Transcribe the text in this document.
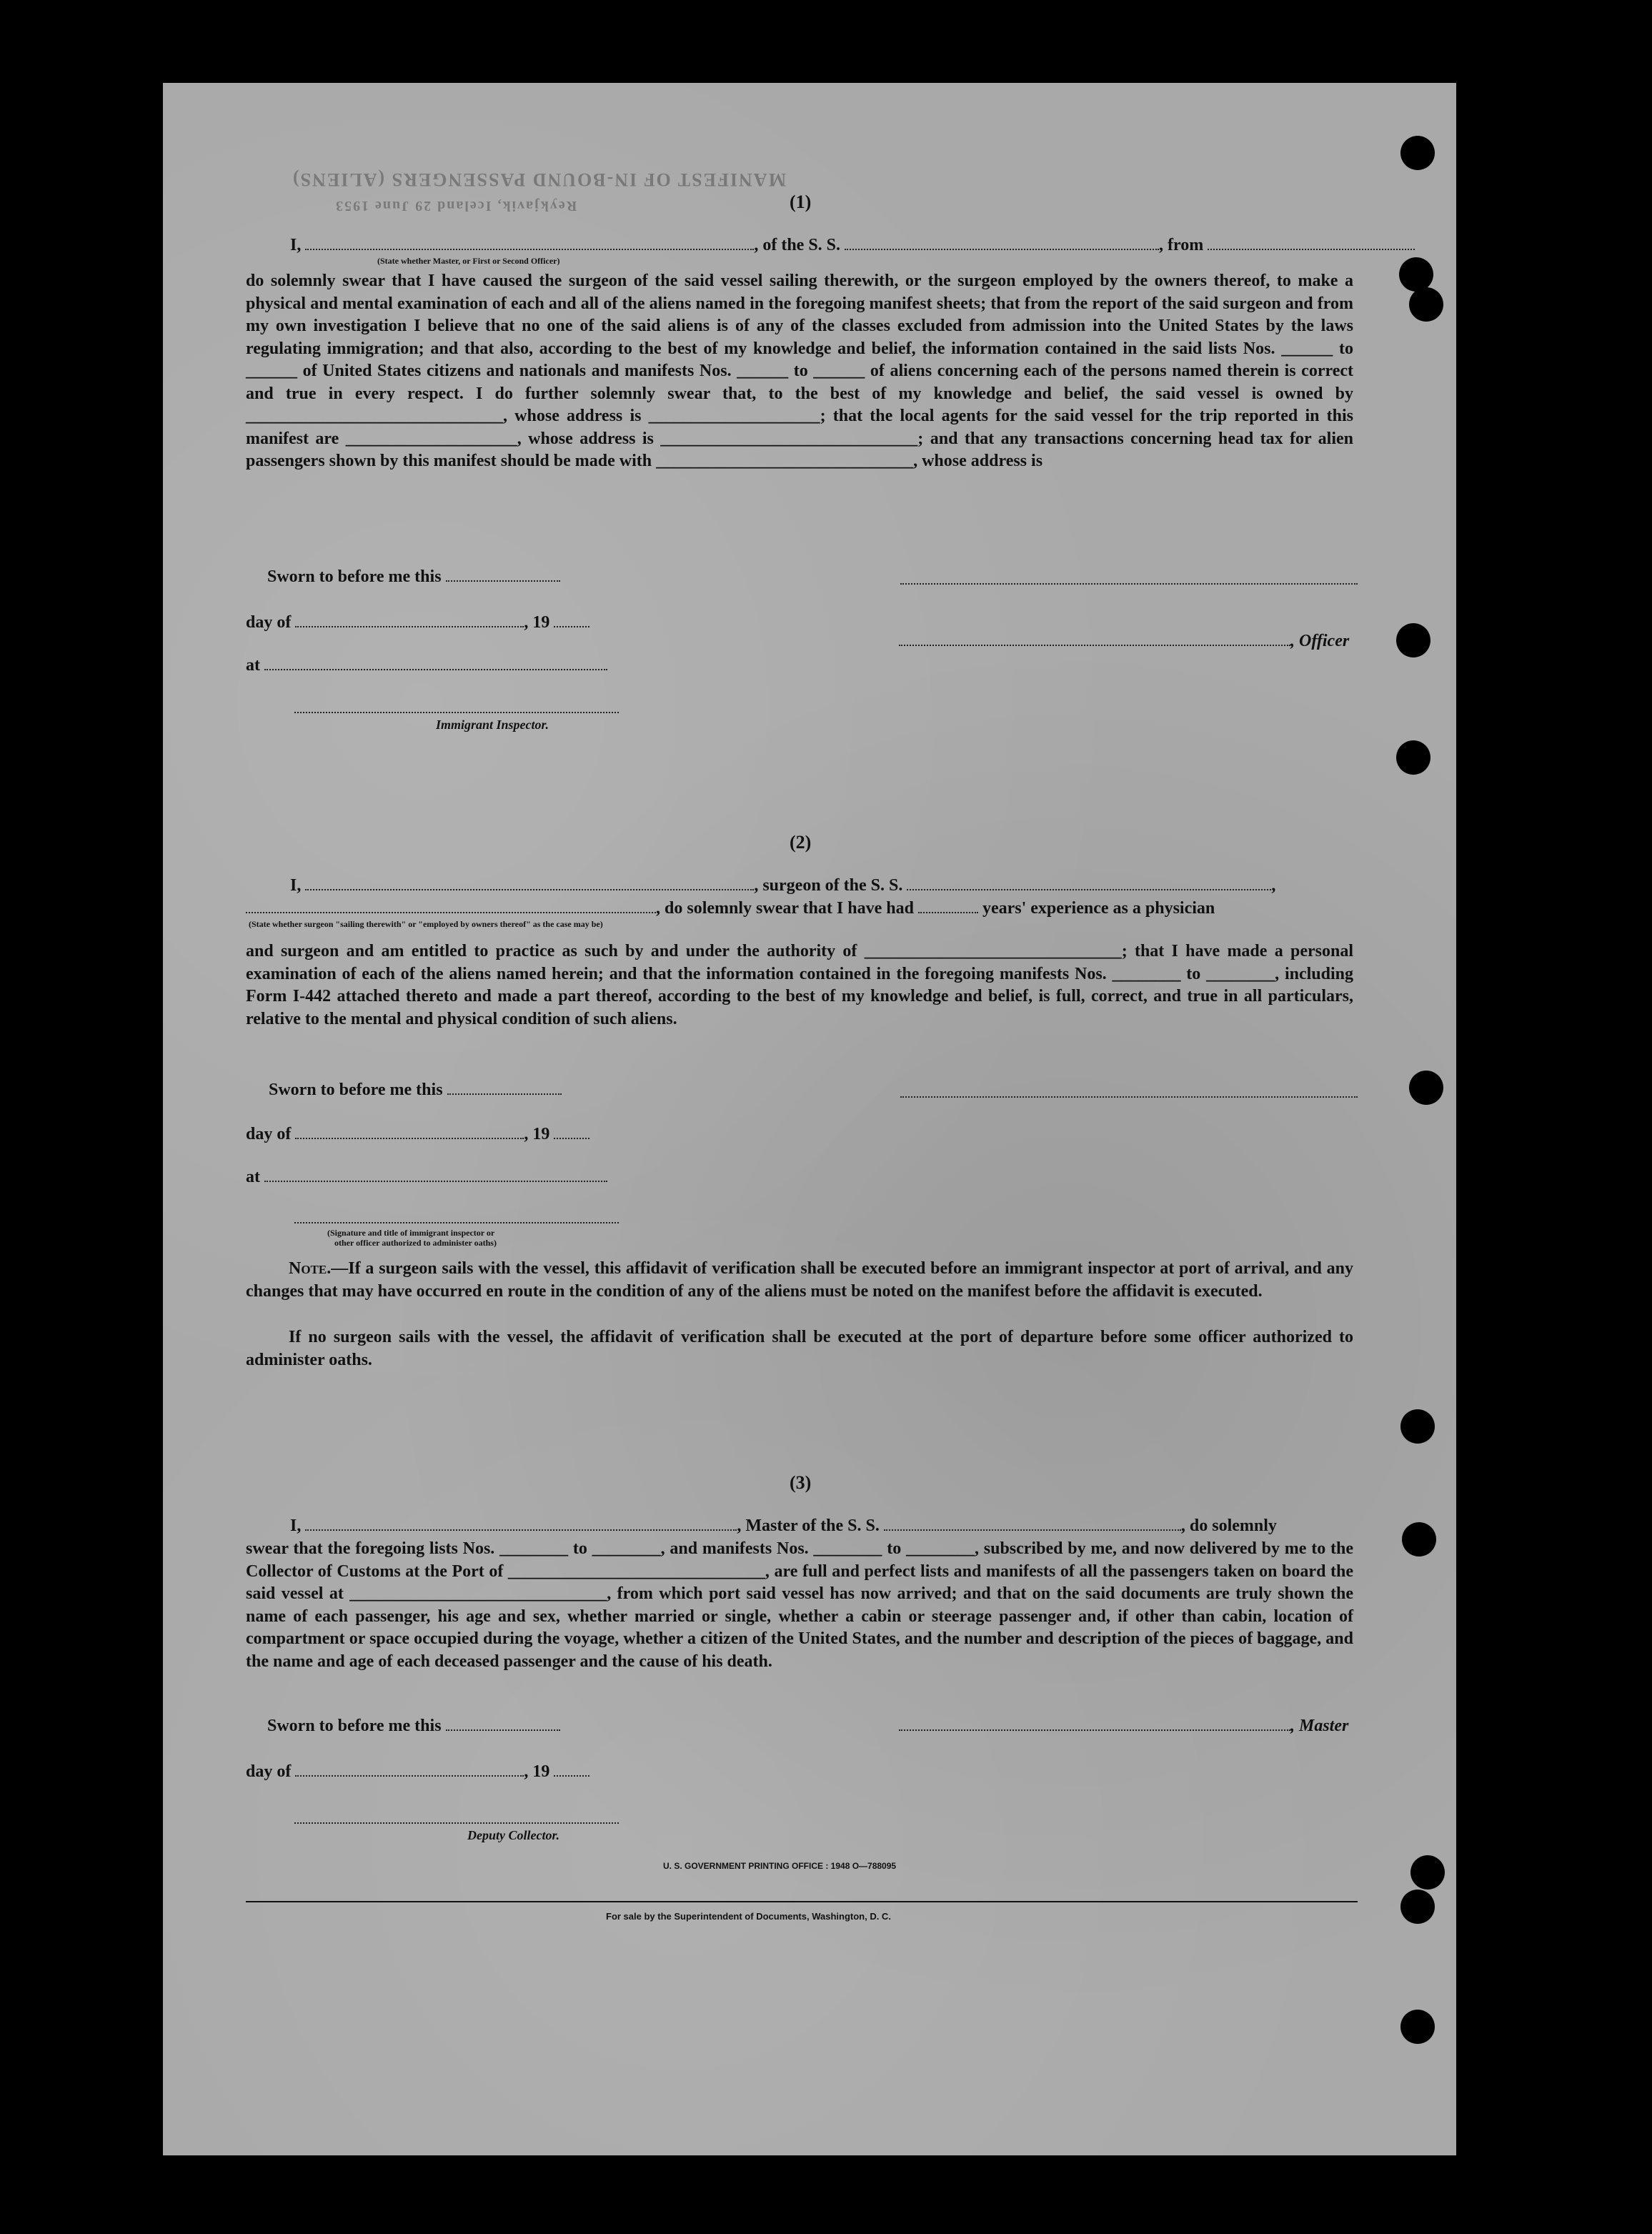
MANIFEST OF IN-BOUND PASSENGERS (ALIENS)
Reykjavik, Iceland 29 June 1953	(1)
I,	, of the S. S.	, from
(State whether Master, or First or Second Officer)
do solemnly swear that I have caused the surgeon of the said vessel sailing therewith, or the surgeon employed by the owners thereof, to make a physical and mental examination of each and all of the aliens named in the foregoing manifest sheets; that from the report of the said surgeon and from my own investigation I believe that no one of the said aliens is of any of the classes excluded from admission into the United States by the laws regulating immigration; and that also, according to the best of my knowledge and belief, the information contained in the said lists Nos. ______ to ______ of United States citizens and nationals and manifests Nos. ______ to ______ of aliens concerning each of the persons named therein is correct and true in every respect. I do further solemnly swear that, to the best of my knowledge and belief, the said vessel is owned by ______________________________, whose address is ____________________; that the local agents for the said vessel for the trip reported in this manifest are ____________________, whose address is ______________________________; and that any transactions concerning head tax for alien passengers shown by this manifest should be made with ______________________________, whose address is
Sworn to before me this
day of	, 19
, Officer
at
Immigrant Inspector.
(2)
I,	, surgeon of the S. S.	,
, do solemnly swear that I have had	years' experience as a physician
(State whether surgeon "sailing therewith" or "employed by owners thereof" as the case may be)
and surgeon and am entitled to practice as such by and under the authority of ______________________________; that I have made a personal examination of each of the aliens named herein; and that the information contained in the foregoing manifests Nos. ________ to ________, including Form I-442 attached thereto and made a part thereof, according to the best of my knowledge and belief, is full, correct, and true in all particulars, relative to the mental and physical condition of such aliens.
Sworn to before me this
day of	, 19
at
(Signature and title of immigrant inspector or
other officer authorized to administer oaths)
Note.—If a surgeon sails with the vessel, this affidavit of verification shall be executed before an immigrant inspector at port of arrival, and any changes that may have occurred en route in the condition of any of the aliens must be noted on the manifest before the affidavit is executed.
If no surgeon sails with the vessel, the affidavit of verification shall be executed at the port of departure before some officer authorized to administer oaths.
(3)
I,	, Master of the S. S.	, do solemnly
swear that the foregoing lists Nos. ________ to ________, and manifests Nos. ________ to ________, subscribed by me, and now delivered by me to the Collector of Customs at the Port of ______________________________, are full and perfect lists and manifests of all the passengers taken on board the said vessel at ______________________________, from which port said vessel has now arrived; and that on the said documents are truly shown the name of each passenger, his age and sex, whether married or single, whether a cabin or steerage passenger and, if other than cabin, location of compartment or space occupied during the voyage, whether a citizen of the United States, and the number and description of the pieces of baggage, and the name and age of each deceased passenger and the cause of his death.
Sworn to before me this	, Master
day of	, 19
Deputy Collector.
U. S. GOVERNMENT PRINTING OFFICE : 1948 O—788095
For sale by the Superintendent of Documents, Washington, D. C.
